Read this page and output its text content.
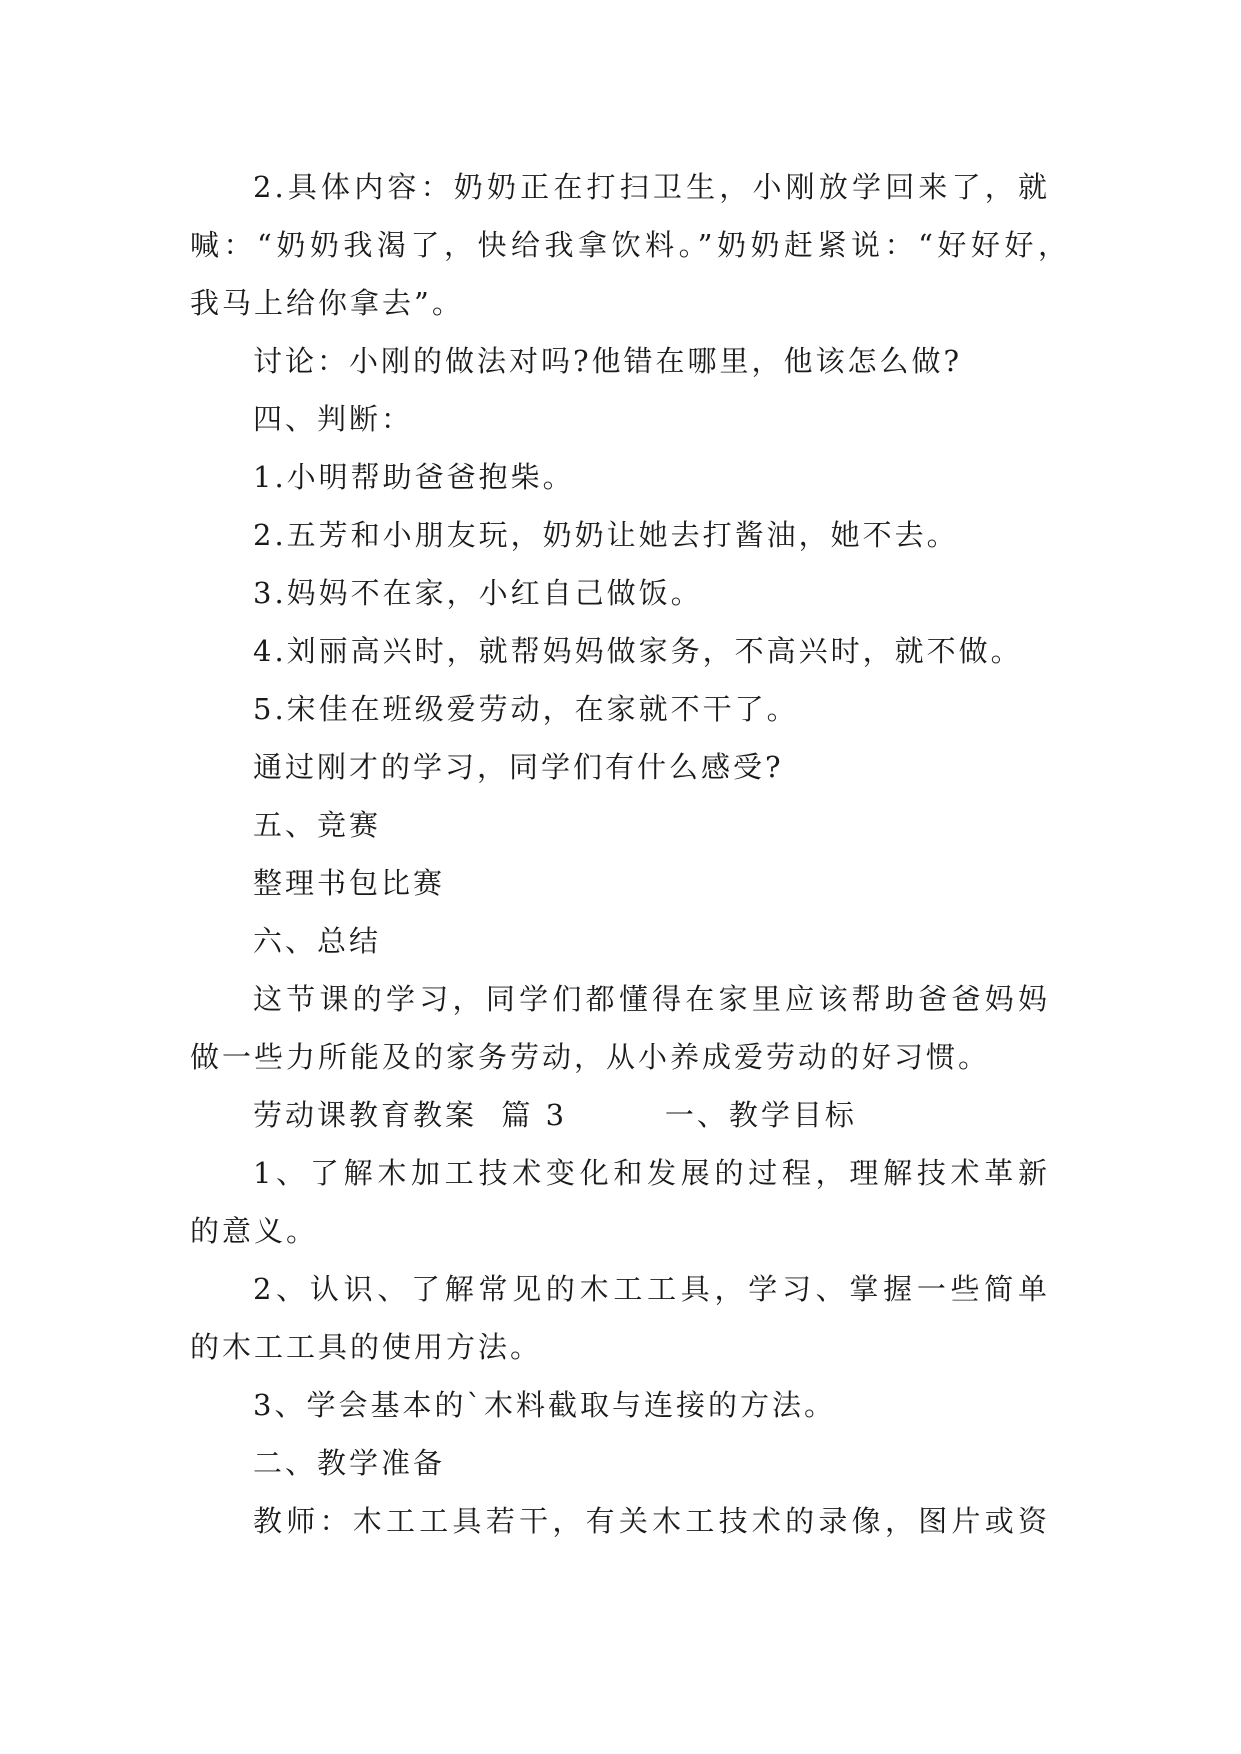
2.具体内容：奶奶正在打扫卫生，小刚放学回来了，就
喊：“奶奶我渴了，快给我拿饮料。”奶奶赶紧说：“好好好，
我马上给你拿去”。
讨论：小刚的做法对吗?他错在哪里，他该怎么做?
四、判断：
1.小明帮助爸爸抱柴。
2.五芳和小朋友玩，奶奶让她去打酱油，她不去。
3.妈妈不在家，小红自己做饭。
4.刘丽高兴时，就帮妈妈做家务，不高兴时，就不做。
5.宋佳在班级爱劳动，在家就不干了。
通过刚才的学习，同学们有什么感受?
五、竞赛
整理书包比赛
六、总结
这节课的学习，同学们都懂得在家里应该帮助爸爸妈妈
做一些力所能及的家务劳动，从小养成爱劳动的好习惯。
劳动课教育教案  篇 3        一、教学目标
1、了解木加工技术变化和发展的过程，理解技术革新
的意义。
2、认识、了解常见的木工工具，学习、掌握一些简单
的木工工具的使用方法。
3、学会基本的`木料截取与连接的方法。
二、教学准备
教师：木工工具若干，有关木工技术的录像，图片或资
